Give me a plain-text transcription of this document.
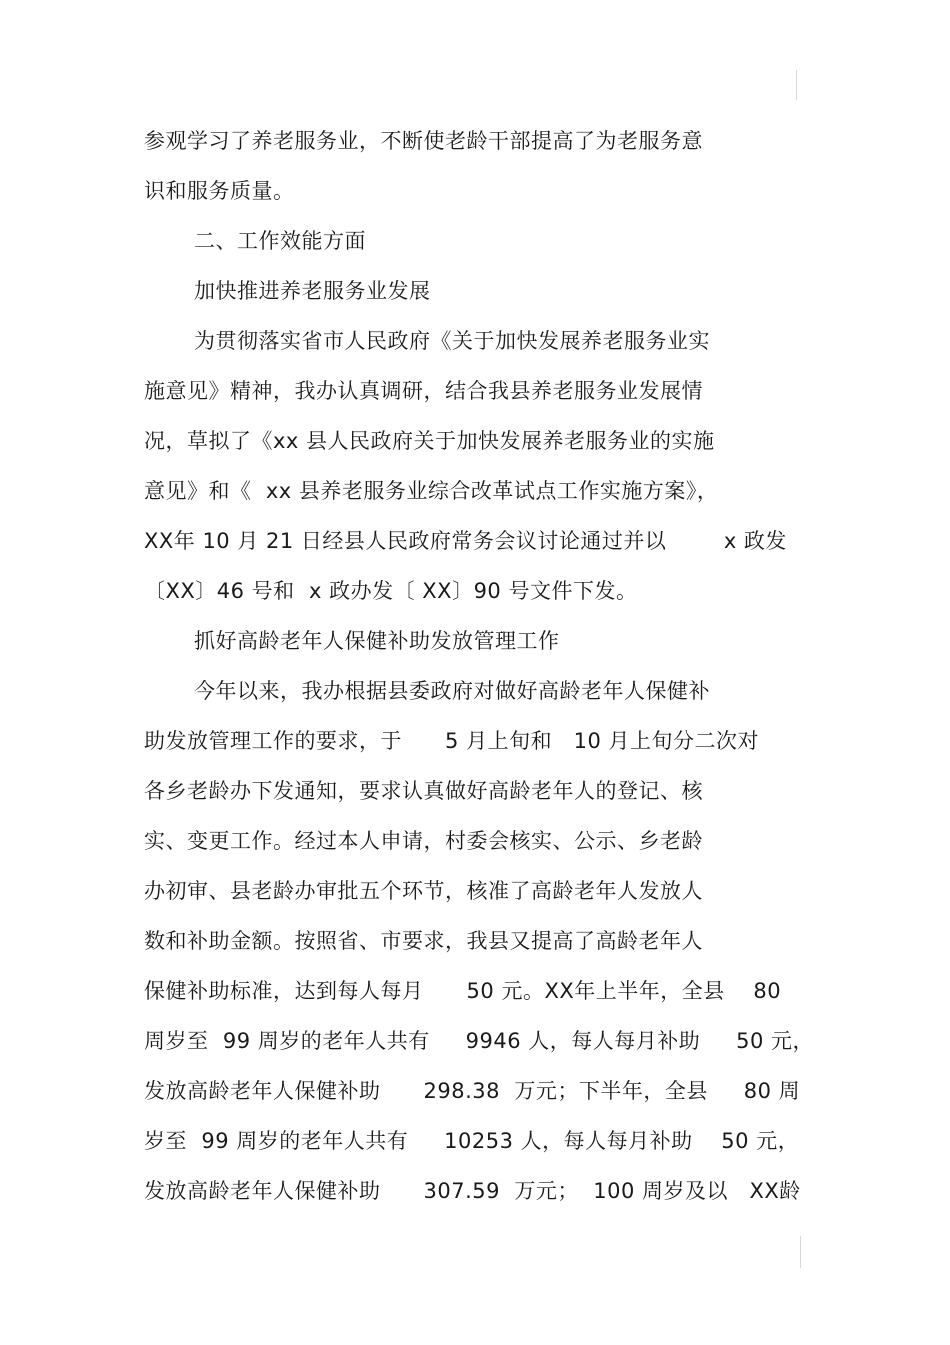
参观学习了养老服务业，不断使老龄干部提高了为老服务意
识和服务质量。
二、工作效能方面
加快推进养老服务业发展
为贯彻落实省市人民政府《关于加快发展养老服务业实
施意见》精神，我办认真调研，结合我县养老服务业发展情
况，草拟了《xx 县人民政府关于加快发展养老服务业的实施
意见》和《  xx 县养老服务业综合改革试点工作实施方案》，
XX年 10 月 21 日经县人民政府常务会议讨论通过并以        x 政发
〔XX〕46 号和  x 政办发〔 XX〕90 号文件下发。
抓好高龄老年人保健补助发放管理工作
今年以来，我办根据县委政府对做好高龄老年人保健补
助发放管理工作的要求，于      5 月上旬和   10 月上旬分二次对
各乡老龄办下发通知，要求认真做好高龄老年人的登记、核
实、变更工作。经过本人申请，村委会核实、公示、乡老龄
办初审、县老龄办审批五个环节，核准了高龄老年人发放人
数和补助金额。按照省、市要求，我县又提高了高龄老年人
保健补助标准，达到每人每月      50 元。XX年上半年，全县    80
周岁至  99 周岁的老年人共有     9946 人，每人每月补助     50 元，
发放高龄老年人保健补助      298.38  万元；下半年，全县     80 周
岁至  99 周岁的老年人共有     10253 人，每人每月补助    50 元，
发放高龄老年人保健补助      307.59  万元；  100 周岁及以   XX龄
